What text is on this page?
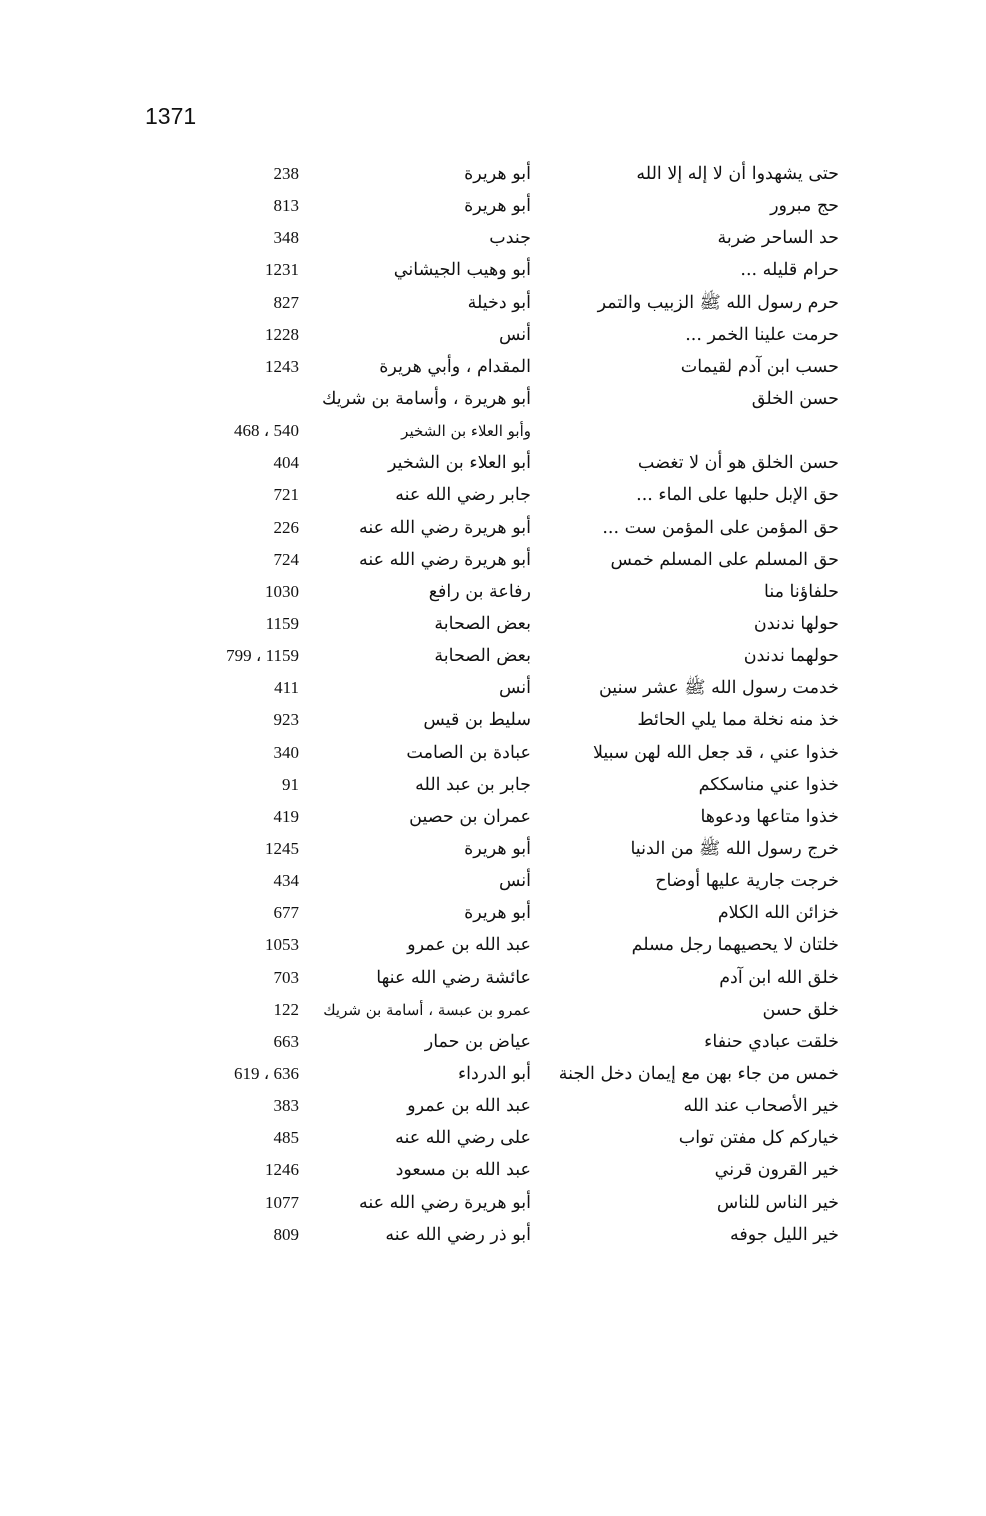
1371
حتى يشهدوا أن لا إله إلا الله
أبو هريرة
238
حج مبرور
أبو هريرة
813
حد الساحر ضربة
جندب
348
حرام قليله ...
أبو وهيب الجيشاني
1231
حرم رسول الله ﷺ الزبيب والتمر
أبو دخيلة
827
حرمت علينا الخمر ...
أنس
1228
حسب ابن آدم لقيمات
المقدام ، وأبي هريرة
1243
حسن الخلق
أبو هريرة ، وأسامة بن شريك
وأبو العلاء بن الشخير
468 ، 540
حسن الخلق هو أن لا تغضب
أبو العلاء بن الشخير
404
حق الإبل حلبها على الماء ...
جابر رضي الله عنه
721
حق المؤمن على المؤمن ست ...
أبو هريرة رضي الله عنه
226
حق المسلم على المسلم خمس
أبو هريرة رضي الله عنه
724
حلفاؤنا منا
رفاعة بن رافع
1030
حولها ندندن
بعض الصحابة
1159
حولهما ندندن
بعض الصحابة
799 ، 1159
خدمت رسول الله ﷺ عشر سنين
أنس
411
خذ منه نخلة مما يلي الحائط
سليط بن قيس
923
خذوا عني ، قد جعل الله لهن سبيلا
عبادة بن الصامت
340
خذوا عني مناسككم
جابر بن عبد الله
91
خذوا متاعها ودعوها
عمران بن حصين
419
خرج رسول الله ﷺ من الدنيا
أبو هريرة
1245
خرجت جارية عليها أوضاح
أنس
434
خزائن الله الكلام
أبو هريرة
677
خلتان لا يحصيهما رجل مسلم
عبد الله بن عمرو
1053
خلق الله ابن آدم
عائشة رضي الله عنها
703
خلق حسن
عمرو بن عبسة ، أسامة بن شريك
122
خلقت عبادي حنفاء
عياض بن حمار
663
خمس من جاء بهن مع إيمان دخل الجنة
أبو الدرداء
619 ، 636
خير الأصحاب عند الله
عبد الله بن عمرو
383
خياركم كل مفتن تواب
على رضي الله عنه
485
خير القرون قرني
عبد الله بن مسعود
1246
خير الناس للناس
أبو هريرة رضي الله عنه
1077
خير الليل جوفه
أبو ذر رضي الله عنه
809
